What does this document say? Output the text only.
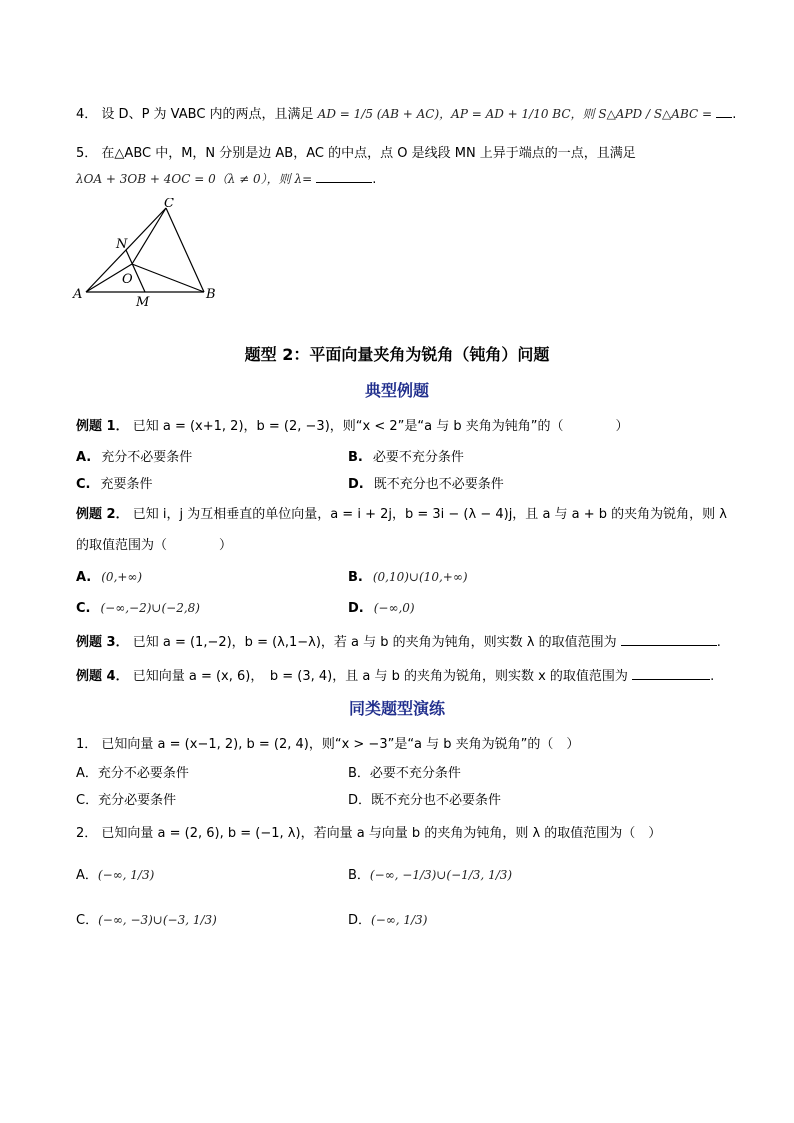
4． 设 D、P 为 VABC 内的两点，且满足 AD = 1/5 (AB + AC)，AP = AD + 1/10 BC，则 S△APD / S△ABC = .
5． 在△ABC 中，M，N 分别是边 AB，AC 的中点，点 O 是线段 MN 上异于端点的一点，且满足
λOA + 3OB + 4OC = 0（λ ≠ 0），则 λ=	.
C
N
O
A
M
B
题型 2：平面向量夹角为锐角（钝角）问题
典型例题
例题 1． 已知 a = (x+1, 2)，b = (2, −3)，则“x < 2”是“a 与 b 夹角为钝角”的（　　　　）
A. 充分不必要条件	B. 必要不充分条件
C. 充要条件	D. 既不充分也不必要条件
例题 2． 已知 i，j 为互相垂直的单位向量，a = i + 2j，b = 3i − (λ − 4)j，且 a 与 a + b 的夹角为锐角，则 λ
的取值范围为（　　　　）
A. (0,+∞)	B. (0,10)∪(10,+∞)
C. (−∞,−2)∪(−2,8)	D. (−∞,0)
例题 3． 已知 a = (1,−2)，b = (λ,1−λ)，若 a 与 b 的夹角为钝角，则实数 λ 的取值范围为	.
例题 4． 已知向量 a = (x, 6)，　b = (3, 4)，且 a 与 b 的夹角为锐角，则实数 x 的取值范围为	.
同类题型演练
1． 已知向量 a = (x−1, 2), b = (2, 4)，则“x > −3”是“a 与 b 夹角为锐角”的（　）
A．充分不必要条件	B．必要不充分条件
C．充分必要条件	D．既不充分也不必要条件
2． 已知向量 a = (2, 6), b = (−1, λ)，若向量 a 与向量 b 的夹角为钝角，则 λ 的取值范围为（　）
A．(−∞, 1/3)	B．(−∞, −1/3)∪(−1/3, 1/3)
C．(−∞, −3)∪(−3, 1/3)	D．(−∞, 1/3)
